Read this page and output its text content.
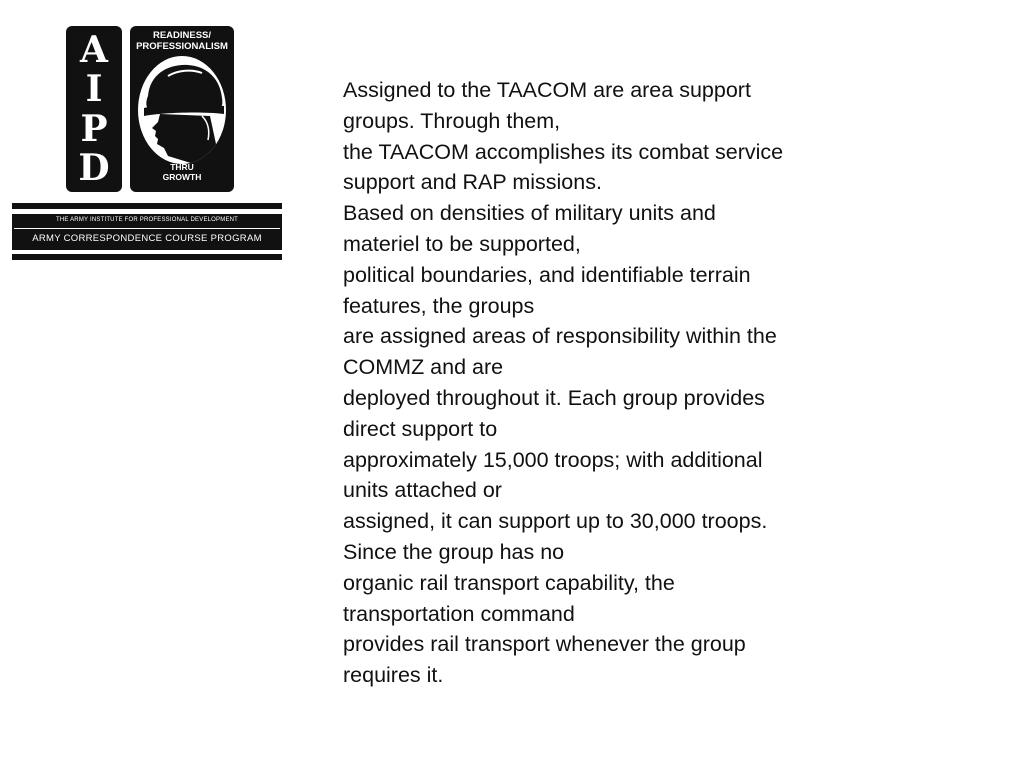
A
I
P
D
READINESS/
PROFESSIONALISM
THRU
GROWTH
THE ARMY INSTITUTE FOR PROFESSIONAL DEVELOPMENT
ARMY CORRESPONDENCE COURSE PROGRAM
Assigned to the TAACOM are area support
groups. Through them,
the TAACOM accomplishes its combat service
support and RAP missions.
Based on densities of military units and
materiel to be supported,
political boundaries, and identifiable terrain
features, the groups
are assigned areas of responsibility within the
COMMZ and are
deployed throughout it. Each group provides
direct support to
approximately 15,000 troops; with additional
units attached or
assigned, it can support up to 30,000 troops.
Since the group has no
organic rail transport capability, the
transportation command
provides rail transport whenever the group
requires it.
